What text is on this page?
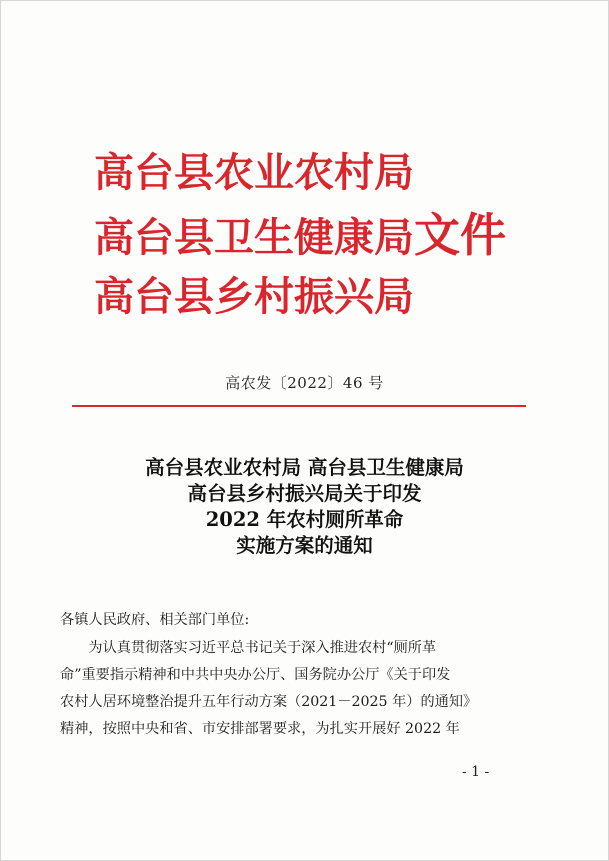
高台县农业农村局
高台县卫生健康局文件
高台县乡村振兴局
高农发〔2022〕46 号
高台县农业农村局 高台县卫生健康局
高台县乡村振兴局关于印发
2022 年农村厕所革命
实施方案的通知
各镇人民政府、相关部门单位:
为认真贯彻落实习近平总书记关于深入推进农村“厕所革
命”重要指示精神和中共中央办公厅、国务院办公厅《关于印发
农村人居环境整治提升五年行动方案（2021－2025 年）的通知》
精神，按照中央和省、市安排部署要求，为扎实开展好 2022 年
- 1 -
